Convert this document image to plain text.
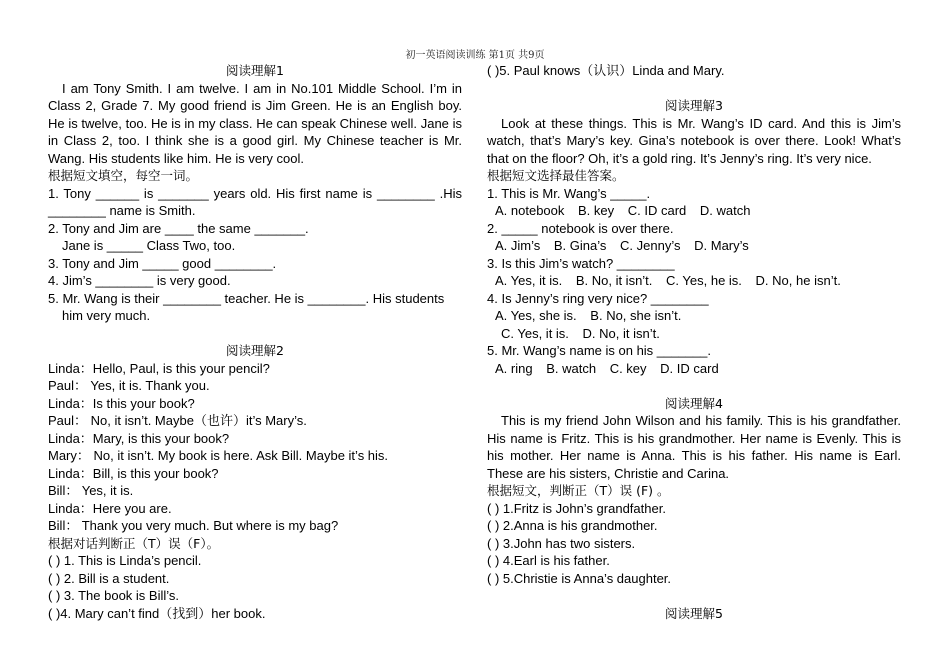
初一英语阅读训练 第1页 共9页

阅读理解1

I am Tony Smith. I am twelve. I am in No.101 Middle School. I’m in Class 2, Grade 7. My good friend is Jim Green. He is an English boy. He is twelve, too. He is in my class. He can speak Chinese well. Jane is in Class 2, too. I think she is a good girl. My Chinese teacher is Mr. Wang. His students like him. He is very cool.

根据短文填空，每空一词。

1. Tony ______ is _______ years old. His first name is ________ .His ________ name is Smith.

2. Tony and Jim are ____ the same _______.

Jane is _____ Class Two, too.

3. Tony and Jim _____ good ________.

4. Jim’s ________ is very good.

5. Mr. Wang is their ________ teacher. He is ________. His students

him very much.

阅读理解2

Linda：Hello, Paul, is this your pencil?

Paul： Yes, it is. Thank you.

Linda：Is this your book?

Paul： No, it isn’t. Maybe（也许）it’s Mary’s.

Linda：Mary, is this your book?

Mary： No, it isn’t. My book is here. Ask Bill. Maybe it’s his.

Linda：Bill, is this your book?

Bill： Yes, it is.

Linda：Here you are.

Bill： Thank you very much. But where is my bag?

根据对话判断正（T）误（F）。

( ) 1. This is Linda’s pencil.

( ) 2. Bill is a student.

( ) 3. The book is Bill’s.

( )4. Mary can’t find（找到）her book.

( )5. Paul knows（认识）Linda and Mary.

阅读理解3

Look at these things. This is Mr. Wang’s ID card. And this is Jim’s watch, that’s Mary’s key. Gina’s notebook is over there. Look! What’s that on the floor? Oh, it’s a gold ring. It’s Jenny’s ring. It’s very nice.

根据短文选择最佳答案。

1. This is Mr. Wang’s _____.

A. notebook B. key C. ID card D. watch

2. _____ notebook is over there.

A. Jim’s B. Gina’s C. Jenny’s D. Mary’s

3. Is this Jim’s watch? ________

A. Yes, it is. B. No, it isn’t. C. Yes, he is. D. No, he isn’t.

4. Is Jenny’s ring very nice? ________

A. Yes, she is. B. No, she isn’t.

C. Yes, it is. D. No, it isn’t.

5. Mr. Wang’s name is on his _______.

A. ring B. watch C. key D. ID card

阅读理解4

This is my friend John Wilson and his family. This is his grandfather. His name is Fritz. This is his grandmother. Her name is Evenly. This is his mother. Her name is Anna. This is his father. His name is Earl. These are his sisters, Christie and Carina.

根据短文，判断正（T）误 (F) 。

( ) 1.Fritz is John’s grandfather.

( ) 2.Anna is his grandmother.

( ) 3.John has two sisters.

( ) 4.Earl is his father.

( ) 5.Christie is Anna’s daughter.

阅读理解5
